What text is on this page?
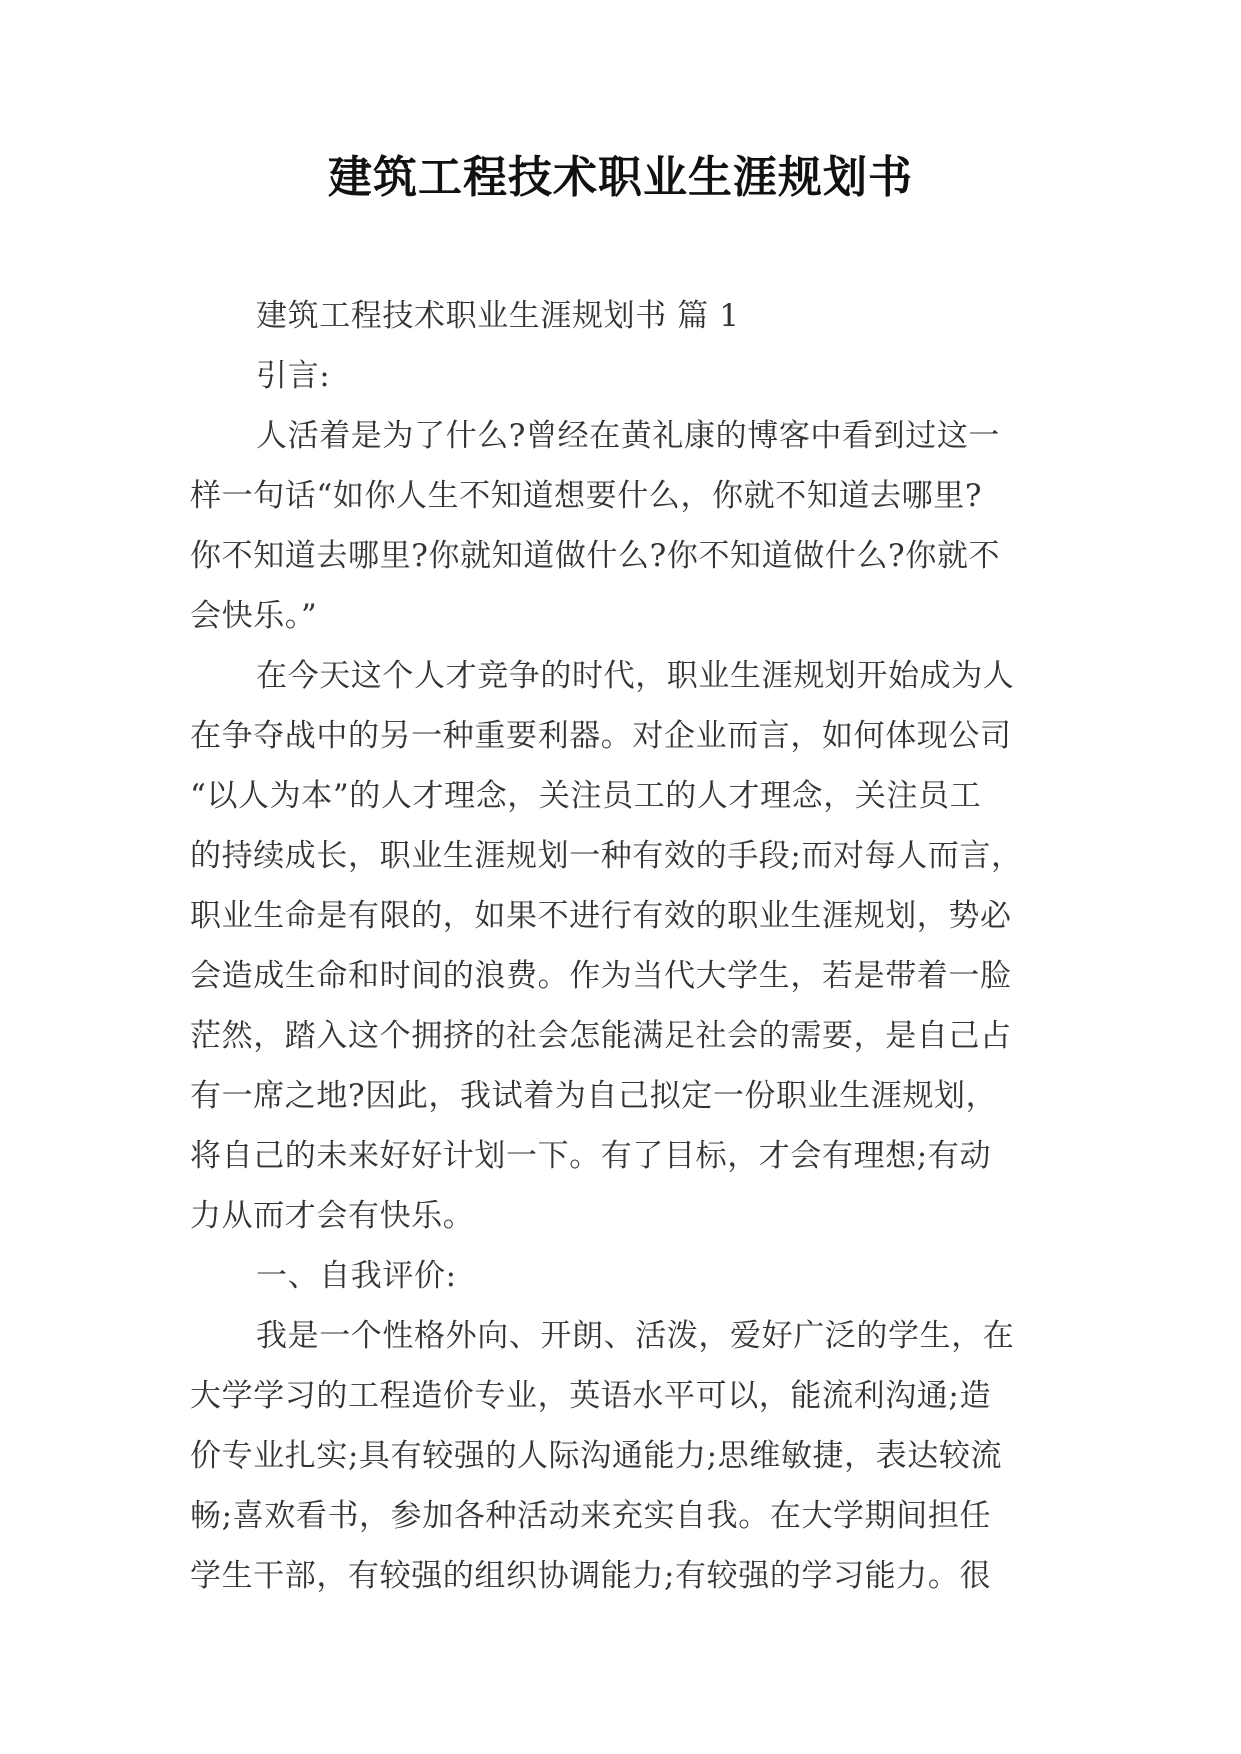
建筑工程技术职业生涯规划书
建筑工程技术职业生涯规划书 篇 1
引言:
人活着是为了什么?曾经在黄礼康的博客中看到过这一
样一句话“如你人生不知道想要什么，你就不知道去哪里?
你不知道去哪里?你就知道做什么?你不知道做什么?你就不
会快乐。”
在今天这个人才竞争的时代，职业生涯规划开始成为人
在争夺战中的另一种重要利器。对企业而言，如何体现公司
“以人为本”的人才理念，关注员工的人才理念，关注员工
的持续成长，职业生涯规划一种有效的手段;而对每人而言，
职业生命是有限的，如果不进行有效的职业生涯规划，势必
会造成生命和时间的浪费。作为当代大学生，若是带着一脸
茫然，踏入这个拥挤的社会怎能满足社会的需要，是自己占
有一席之地?因此，我试着为自己拟定一份职业生涯规划，
将自己的未来好好计划一下。有了目标，才会有理想;有动
力从而才会有快乐。
一、自我评价:
我是一个性格外向、开朗、活泼，爱好广泛的学生，在
大学学习的工程造价专业，英语水平可以，能流利沟通;造
价专业扎实;具有较强的人际沟通能力;思维敏捷，表达较流
畅;喜欢看书，参加各种活动来充实自我。在大学期间担任
学生干部，有较强的组织协调能力;有较强的学习能力。很
